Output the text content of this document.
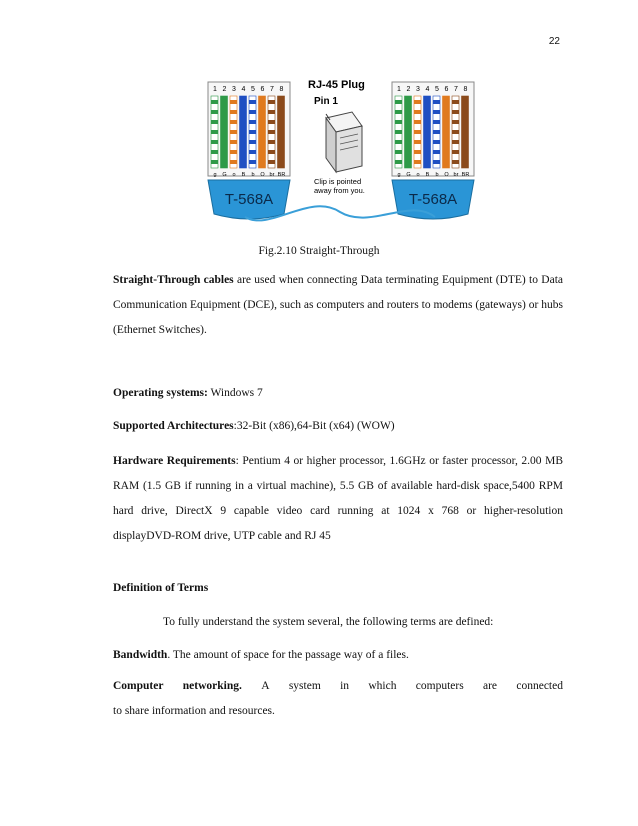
22
1 2 3 4 5 6 7 8
g G o B b O br BR
T-568A
1 2 3 4 5 6 7 8
g G o B b O br BR
T-568A
RJ-45 Plug
Pin 1
Clip is pointed
away from you.
Fig.2.10 Straight-Through
Straight-Through cables are used when connecting Data terminating Equipment (DTE) to Data Communication Equipment (DCE), such as computers and routers to modems (gateways) or hubs (Ethernet Switches).
Operating systems: Windows 7
Supported Architectures:32-Bit (x86),64-Bit (x64) (WOW)
Hardware Requirements: Pentium 4 or higher processor, 1.6GHz or faster processor, 2.00 MB RAM (1.5 GB if running in a virtual machine), 5.5 GB of available hard-disk space,5400 RPM hard drive, DirectX 9 capable video card running at 1024 x 768 or higher-resolution displayDVD-ROM drive, UTP cable and RJ 45
Definition of Terms
To fully understand the system several, the following terms are defined:
Bandwidth. The amount of space for the passage way of a files.
Computer networking. A system in which computers are connected
to share information and resources.
